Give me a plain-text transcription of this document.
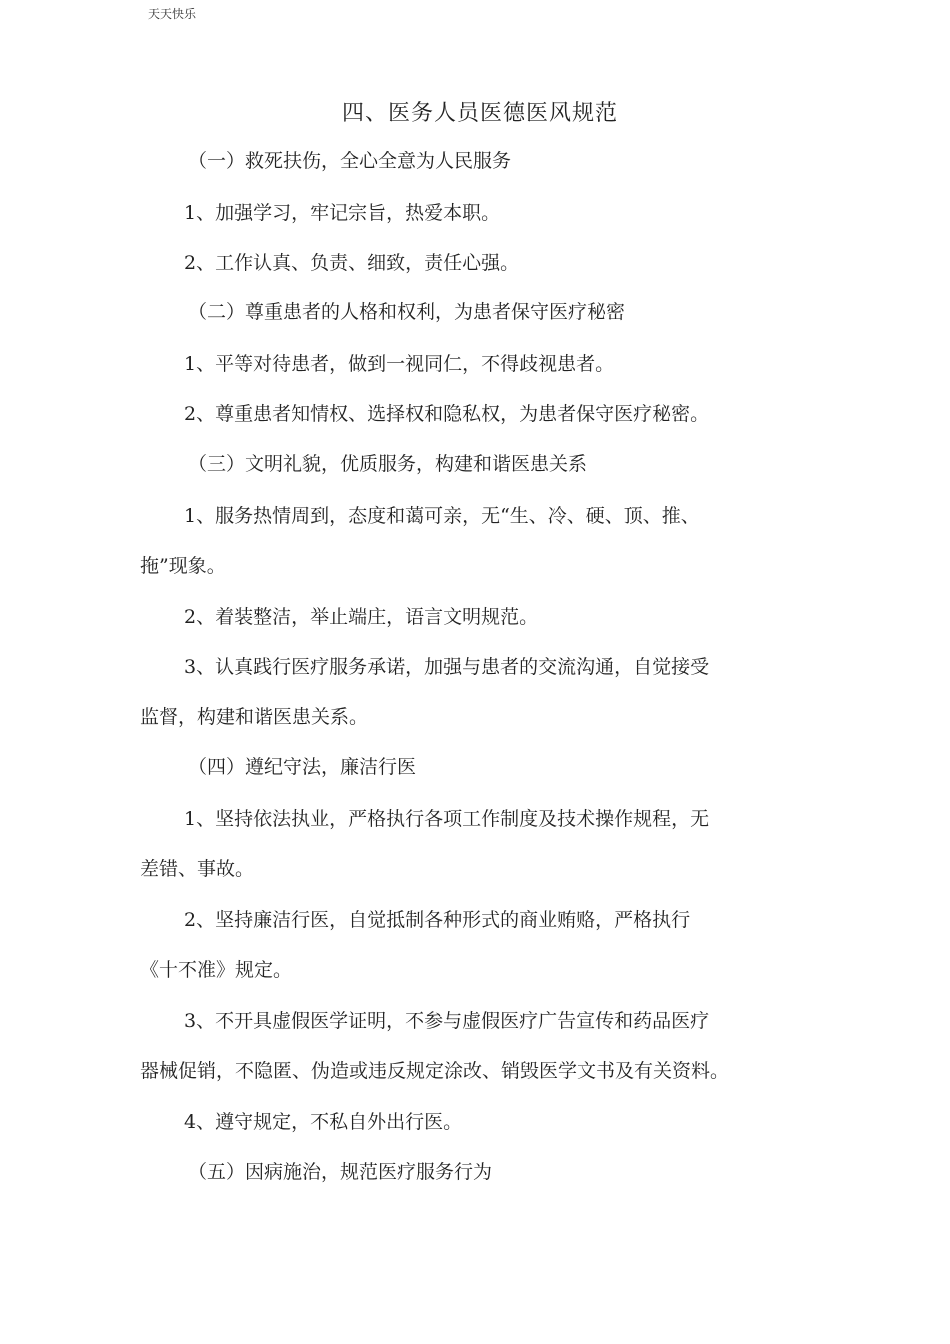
天天快乐
四、医务人员医德医风规范
（一）救死扶伤，全心全意为人民服务
1、加强学习，牢记宗旨，热爱本职。
2、工作认真、负责、细致，责任心强。
（二）尊重患者的人格和权利，为患者保守医疗秘密
1、平等对待患者，做到一视同仁，不得歧视患者。
2、尊重患者知情权、选择权和隐私权，为患者保守医疗秘密。
（三）文明礼貌，优质服务，构建和谐医患关系
1、服务热情周到，态度和蔼可亲，无“生、冷、硬、顶、推、
拖”现象。
2、着装整洁，举止端庄，语言文明规范。
3、认真践行医疗服务承诺，加强与患者的交流沟通，自觉接受
监督，构建和谐医患关系。
（四）遵纪守法，廉洁行医
1、坚持依法执业，严格执行各项工作制度及技术操作规程，无
差错、事故。
2、坚持廉洁行医，自觉抵制各种形式的商业贿赂，严格执行
《十不准》规定。
3、不开具虚假医学证明，不参与虚假医疗广告宣传和药品医疗
器械促销，不隐匿、伪造或违反规定涂改、销毁医学文书及有关资料。
4、遵守规定，不私自外出行医。
（五）因病施治，规范医疗服务行为
